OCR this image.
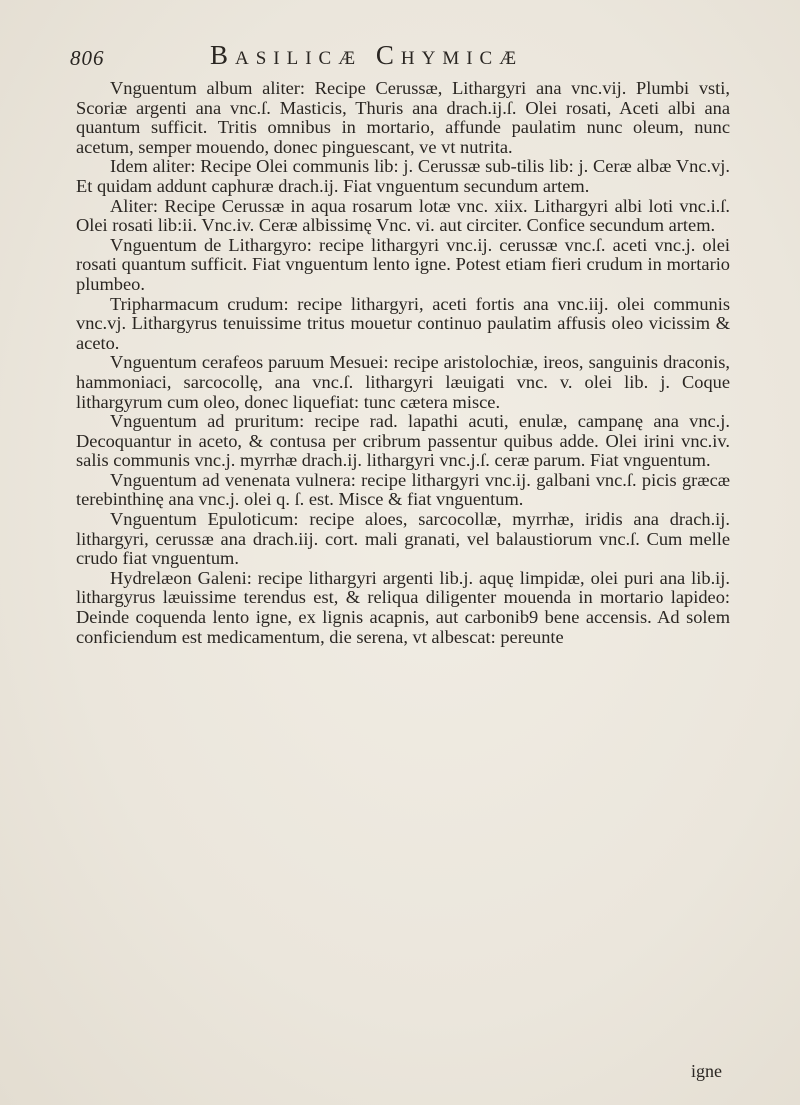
806	Basilicæ Chymicæ

Vnguentum album aliter: Recipe Cerussæ, Lithargyri ana vnc.vij. Plumbi vsti, Scoriæ argenti ana vnc.ſ. Masticis, Thuris ana drach.ij.ſ. Olei rosati, Aceti albi ana quantum sufficit. Tritis omnibus in mortario, affunde paulatim nunc oleum, nunc acetum, semper mouendo, donec pinguescant, ve vt nutrita.

Idem aliter: Recipe Olei communis lib: j. Cerussæ sub-tilis lib: j. Ceræ albæ Vnc.vj. Et quidam addunt caphuræ drach.ij. Fiat vnguentum secundum artem.

Aliter: Recipe Cerussæ in aqua rosarum lotæ vnc. xiix. Lithargyri albi loti vnc.i.ſ. Olei rosati lib:ii. Vnc.iv. Ceræ albissimę Vnc. vi. aut circiter. Confice secundum artem.

Vnguentum de Lithargyro: recipe lithargyri vnc.ij. cerussæ vnc.ſ. aceti vnc.j. olei rosati quantum sufficit. Fiat vnguentum lento igne. Potest etiam fieri crudum in mortario plumbeo.

Tripharmacum crudum: recipe lithargyri, aceti fortis ana vnc.iij. olei communis vnc.vj. Lithargyrus tenuissime tritus mouetur continuo paulatim affusis oleo vicissim & aceto.

Vnguentum cerafeos paruum Mesuei: recipe aristolochiæ, ireos, sanguinis draconis, hammoniaci, sarcocollę, ana vnc.ſ. lithargyri læuigati vnc. v. olei lib. j. Coque lithargyrum cum oleo, donec liquefiat: tunc cætera misce.

Vnguentum ad pruritum: recipe rad. lapathi acuti, enulæ, campanę ana vnc.j. Decoquantur in aceto, & contusa per cribrum passentur quibus adde. Olei irini vnc.iv. salis communis vnc.j. myrrhæ drach.ij. lithargyri vnc.j.ſ. ceræ parum. Fiat vnguentum.

Vnguentum ad venenata vulnera: recipe lithargyri vnc.ij. galbani vnc.ſ. picis græcæ terebinthinę ana vnc.j. olei q. ſ. est. Misce & fiat vnguentum.

Vnguentum Epuloticum: recipe aloes, sarcocollæ, myrrhæ, iridis ana drach.ij. lithargyri, cerussæ ana drach.iij. cort. mali granati, vel balaustiorum vnc.ſ. Cum melle crudo fiat vnguentum.

Hydrelæon Galeni: recipe lithargyri argenti lib.j. aquę limpidæ, olei puri ana lib.ij. lithargyrus læuissime terendus est, & reliqua diligenter mouenda in mortario lapideo: Deinde coquenda lento igne, ex lignis acapnis, aut carbonib9 bene accensis. Ad solem conficiendum est medicamentum, die serena, vt albescat: pereunte

igne
